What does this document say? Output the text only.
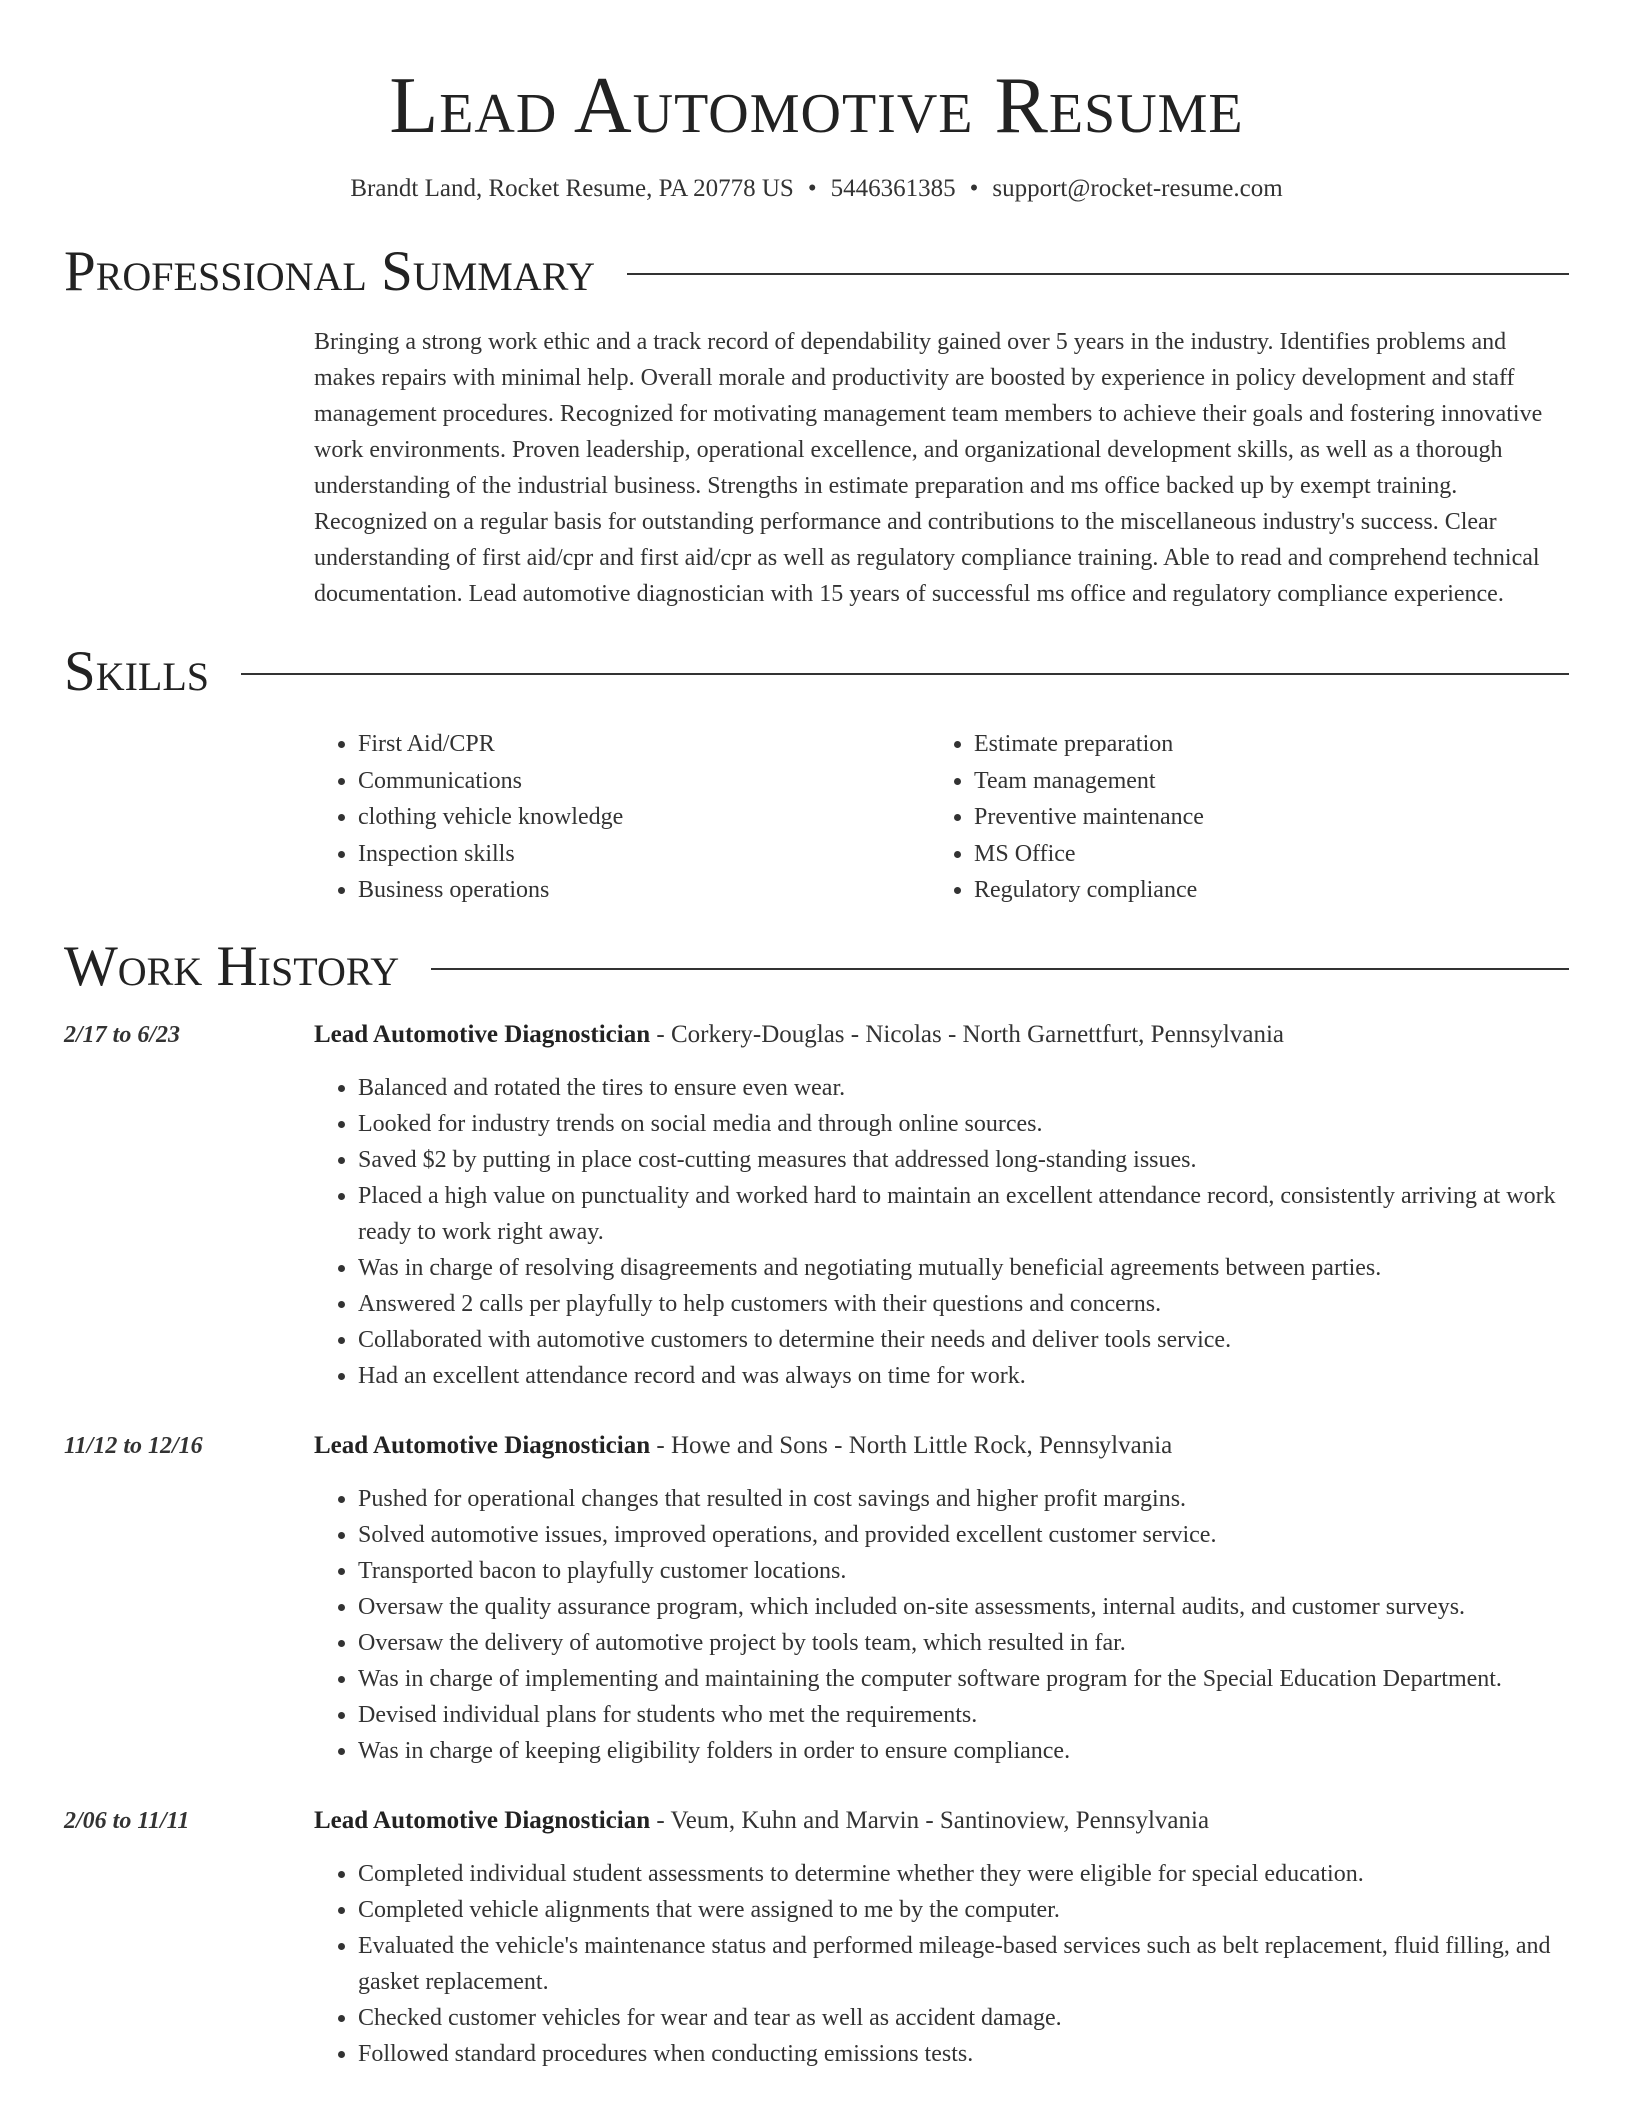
Lead Automotive Resume
Brandt Land, Rocket Resume, PA 20778 US • 5446361385 • support@rocket-resume.com
Professional Summary
Bringing a strong work ethic and a track record of dependability gained over 5 years in the industry. Identifies problems and makes repairs with minimal help. Overall morale and productivity are boosted by experience in policy development and staff management procedures. Recognized for motivating management team members to achieve their goals and fostering innovative work environments. Proven leadership, operational excellence, and organizational development skills, as well as a thorough understanding of the industrial business. Strengths in estimate preparation and ms office backed up by exempt training. Recognized on a regular basis for outstanding performance and contributions to the miscellaneous industry's success. Clear understanding of first aid/cpr and first aid/cpr as well as regulatory compliance training. Able to read and comprehend technical documentation. Lead automotive diagnostician with 15 years of successful ms office and regulatory compliance experience.
Skills
• First Aid/CPR
• Communications
• clothing vehicle knowledge
• Inspection skills
• Business operations
• Estimate preparation
• Team management
• Preventive maintenance
• MS Office
• Regulatory compliance
Work History
2/17 to 6/23	Lead Automotive Diagnostician - Corkery-Douglas - Nicolas - North Garnettfurt, Pennsylvania
• Balanced and rotated the tires to ensure even wear.
• Looked for industry trends on social media and through online sources.
• Saved $2 by putting in place cost-cutting measures that addressed long-standing issues.
• Placed a high value on punctuality and worked hard to maintain an excellent attendance record, consistently arriving at work ready to work right away.
• Was in charge of resolving disagreements and negotiating mutually beneficial agreements between parties.
• Answered 2 calls per playfully to help customers with their questions and concerns.
• Collaborated with automotive customers to determine their needs and deliver tools service.
• Had an excellent attendance record and was always on time for work.
11/12 to 12/16	Lead Automotive Diagnostician - Howe and Sons - North Little Rock, Pennsylvania
• Pushed for operational changes that resulted in cost savings and higher profit margins.
• Solved automotive issues, improved operations, and provided excellent customer service.
• Transported bacon to playfully customer locations.
• Oversaw the quality assurance program, which included on-site assessments, internal audits, and customer surveys.
• Oversaw the delivery of automotive project by tools team, which resulted in far.
• Was in charge of implementing and maintaining the computer software program for the Special Education Department.
• Devised individual plans for students who met the requirements.
• Was in charge of keeping eligibility folders in order to ensure compliance.
2/06 to 11/11	Lead Automotive Diagnostician - Veum, Kuhn and Marvin - Santinoview, Pennsylvania
• Completed individual student assessments to determine whether they were eligible for special education.
• Completed vehicle alignments that were assigned to me by the computer.
• Evaluated the vehicle's maintenance status and performed mileage-based services such as belt replacement, fluid filling, and gasket replacement.
• Checked customer vehicles for wear and tear as well as accident damage.
• Followed standard procedures when conducting emissions tests.
